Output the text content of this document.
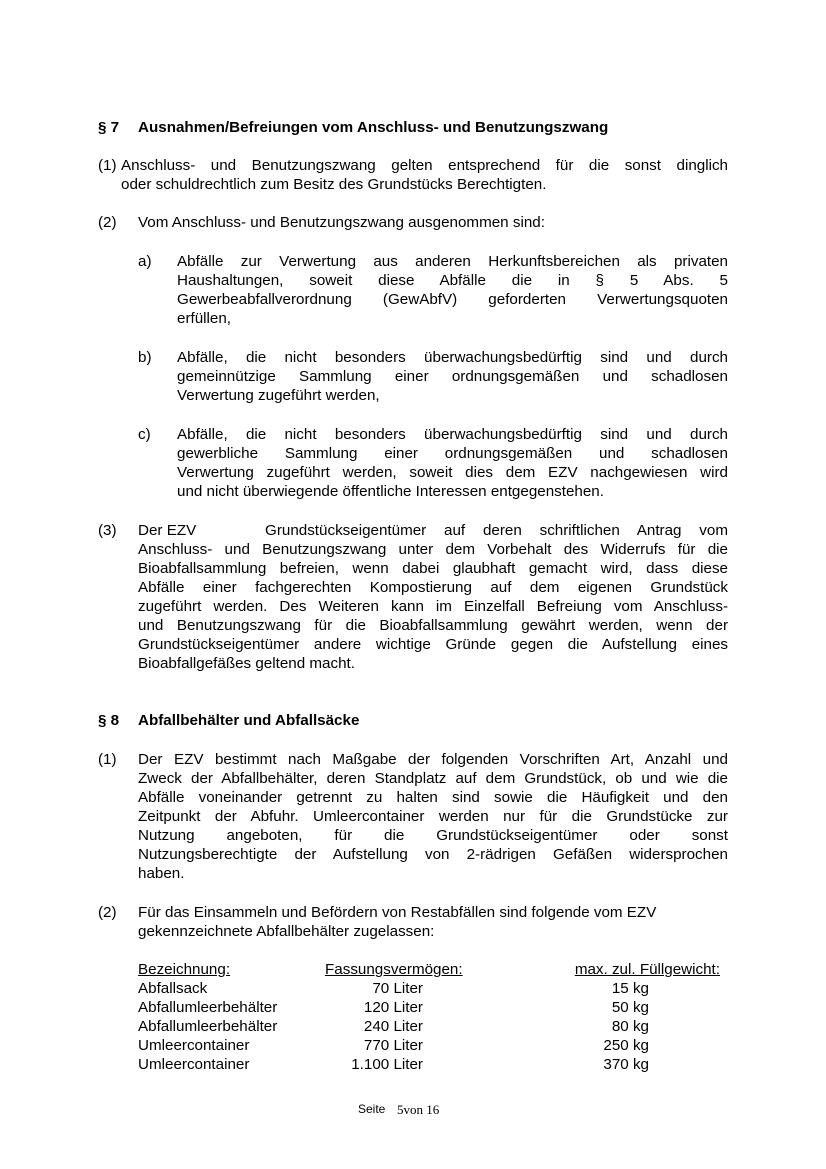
§ 7 Ausnahmen/Befreiungen vom Anschluss- und Benutzungszwang
(1) Anschluss- und Benutzungszwang gelten entsprechend für die sonst dinglich
oder schuldrechtlich zum Besitz des Grundstücks Berechtigten.
(2) Vom Anschluss- und Benutzungszwang ausgenommen sind:
a) Abfälle zur Verwertung aus anderen Herkunftsbereichen als privaten
Haushaltungen, soweit diese Abfälle die in § 5 Abs. 5
Gewerbeabfallverordnung (GewAbfV) geforderten Verwertungsquoten
erfüllen,
b) Abfälle, die nicht besonders überwachungsbedürftig sind und durch
gemeinnützige Sammlung einer ordnungsgemäßen und schadlosen
Verwertung zugeführt werden,
c) Abfälle, die nicht besonders überwachungsbedürftig sind und durch
gewerbliche Sammlung einer ordnungsgemäßen und schadlosen
Verwertung zugeführt werden, soweit dies dem EZV nachgewiesen wird
und nicht überwiegende öffentliche Interessen entgegenstehen.
(3) Der EZV	Grundstückseigentümer auf deren schriftlichen Antrag vom
Anschluss- und Benutzungszwang unter dem Vorbehalt des Widerrufs für die
Bioabfallsammlung befreien, wenn dabei glaubhaft gemacht wird, dass diese
Abfälle einer fachgerechten Kompostierung auf dem eigenen Grundstück
zugeführt werden. Des Weiteren kann im Einzelfall Befreiung vom Anschluss-
und Benutzungszwang für die Bioabfallsammlung gewährt werden, wenn der
Grundstückseigentümer andere wichtige Gründe gegen die Aufstellung eines
Bioabfallgefäßes geltend macht.
§ 8 Abfallbehälter und Abfallsäcke
(1) Der EZV bestimmt nach Maßgabe der folgenden Vorschriften Art, Anzahl und
Zweck der Abfallbehälter, deren Standplatz auf dem Grundstück, ob und wie die
Abfälle voneinander getrennt zu halten sind sowie die Häufigkeit und den
Zeitpunkt der Abfuhr. Umleercontainer werden nur für die Grundstücke zur
Nutzung angeboten, für die Grundstückseigentümer oder sonst
Nutzungsberechtigte der Aufstellung von 2-rädrigen Gefäßen widersprochen
haben.
(2) Für das Einsammeln und Befördern von Restabfällen sind folgende vom EZV
gekennzeichnete Abfallbehälter zugelassen:
Bezeichnung:	Fassungsvermögen:	max. zul. Füllgewicht:
Abfallsack	70 Liter	15 kg
Abfallumleerbehälter	120 Liter	50 kg
Abfallumleerbehälter	240 Liter	80 kg
Umleercontainer	770 Liter	250 kg
Umleercontainer	1.100 Liter	370 kg
Seite 5von 16
